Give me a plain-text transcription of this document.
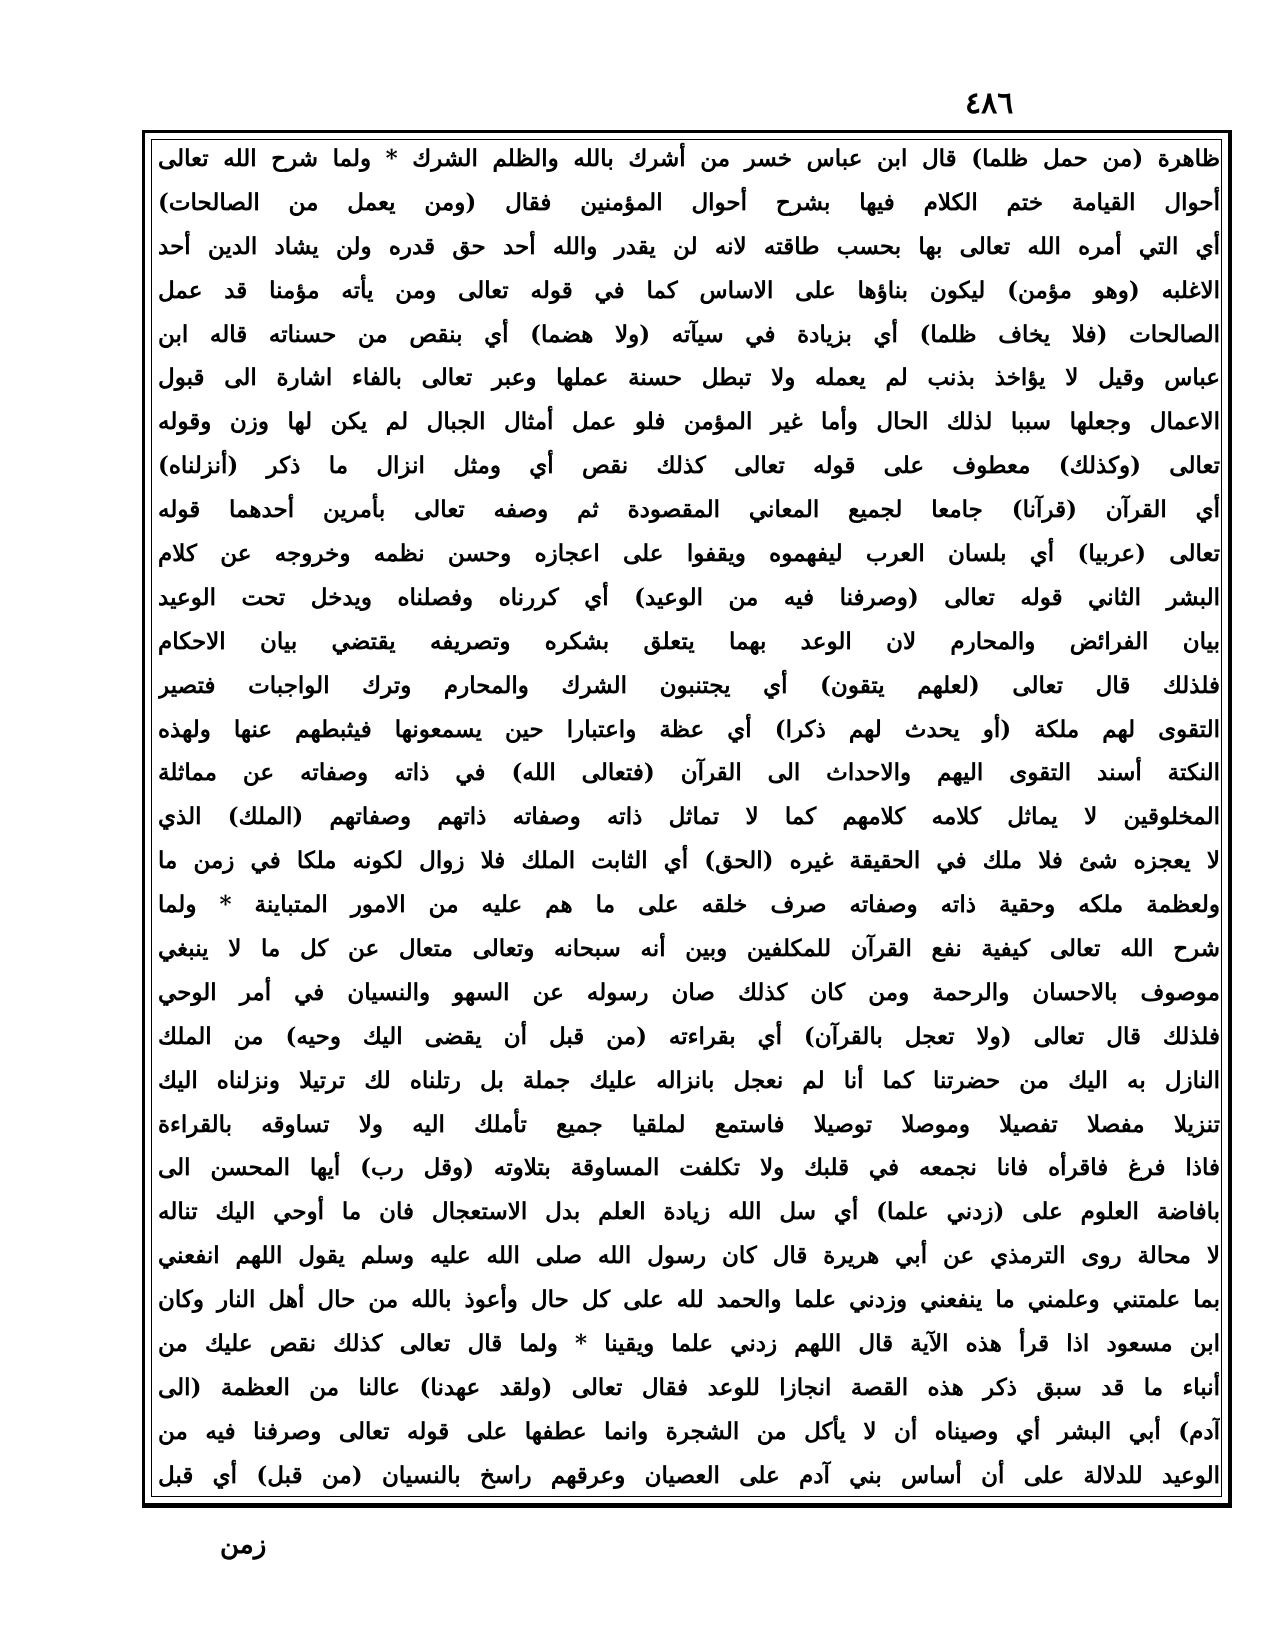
٤٨٦
ظاهرة (من حمل ظلما) قال ابن عباس خسر من أشرك بالله والظلم الشرك * ولما شرح الله تعالى
أحوال القيامة ختم الكلام فيها بشرح أحوال المؤمنين فقال (ومن يعمل من الصالحات)
أي التي أمره الله تعالى بها بحسب طاقته لانه لن يقدر والله أحد حق قدره ولن يشاد الدين أحد
الاغلبه (وهو مؤمن) ليكون بناؤها على الاساس كما في قوله تعالى ومن يأته مؤمنا قد عمل
الصالحات (فلا يخاف ظلما) أي بزيادة في سيآته (ولا هضما) أي بنقص من حسناته قاله ابن
عباس وقيل لا يؤاخذ بذنب لم يعمله ولا تبطل حسنة عملها وعبر تعالى بالفاء اشارة الى قبول
الاعمال وجعلها سببا لذلك الحال وأما غير المؤمن فلو عمل أمثال الجبال لم يكن لها وزن وقوله
تعالى (وكذلك) معطوف على قوله تعالى كذلك نقص أي ومثل انزال ما ذكر (أنزلناه)
أي القرآن (قرآنا) جامعا لجميع المعاني المقصودة ثم وصفه تعالى بأمرين أحدهما قوله
تعالى (عربيا) أي بلسان العرب ليفهموه ويقفوا على اعجازه وحسن نظمه وخروجه عن كلام
البشر الثاني قوله تعالى (وصرفنا فيه من الوعيد) أي كررناه وفصلناه ويدخل تحت الوعيد
بيان الفرائض والمحارم لان الوعد بهما يتعلق بشكره وتصريفه يقتضي بيان الاحكام
فلذلك قال تعالى (لعلهم يتقون) أي يجتنبون الشرك والمحارم وترك الواجبات فتصير
التقوى لهم ملكة (أو يحدث لهم ذكرا) أي عظة واعتبارا حين يسمعونها فيثبطهم عنها ولهذه
النكتة أسند التقوى اليهم والاحداث الى القرآن (فتعالى الله) في ذاته وصفاته عن مماثلة
المخلوقين لا يماثل كلامه كلامهم كما لا تماثل ذاته وصفاته ذاتهم وصفاتهم (الملك) الذي
لا يعجزه شئ فلا ملك في الحقيقة غيره (الحق) أي الثابت الملك فلا زوال لكونه ملكا في زمن ما
ولعظمة ملكه وحقية ذاته وصفاته صرف خلقه على ما هم عليه من الامور المتباينة * ولما
شرح الله تعالى كيفية نفع القرآن للمكلفين وبين أنه سبحانه وتعالى متعال عن كل ما لا ينبغي
موصوف بالاحسان والرحمة ومن كان كذلك صان رسوله عن السهو والنسيان في أمر الوحي
فلذلك قال تعالى (ولا تعجل بالقرآن) أي بقراءته (من قبل أن يقضى اليك وحيه) من الملك
النازل به اليك من حضرتنا كما أنا لم نعجل بانزاله عليك جملة بل رتلناه لك ترتيلا ونزلناه اليك
تنزيلا مفصلا تفصيلا وموصلا توصيلا فاستمع لملقيا جميع تأملك اليه ولا تساوقه بالقراءة
فاذا فرغ فاقرأه فانا نجمعه في قلبك ولا تكلفت المساوقة بتلاوته (وقل رب) أيها المحسن الى
بافاضة العلوم على (زدني علما) أي سل الله زيادة العلم بدل الاستعجال فان ما أوحي اليك تناله
لا محالة روى الترمذي عن أبي هريرة قال كان رسول الله صلى الله عليه وسلم يقول اللهم انفعني
بما علمتني وعلمني ما ينفعني وزدني علما والحمد لله على كل حال وأعوذ بالله من حال أهل النار وكان
ابن مسعود اذا قرأ هذه الآية قال اللهم زدني علما ويقينا * ولما قال تعالى كذلك نقص عليك من
أنباء ما قد سبق ذكر هذه القصة انجازا للوعد فقال تعالى (ولقد عهدنا) عالنا من العظمة (الى
آدم) أبي البشر أي وصيناه أن لا يأكل من الشجرة وانما عطفها على قوله تعالى وصرفنا فيه من
الوعيد للدلالة على أن أساس بني آدم على العصيان وعرقهم راسخ بالنسيان (من قبل) أي قبل
زمن
